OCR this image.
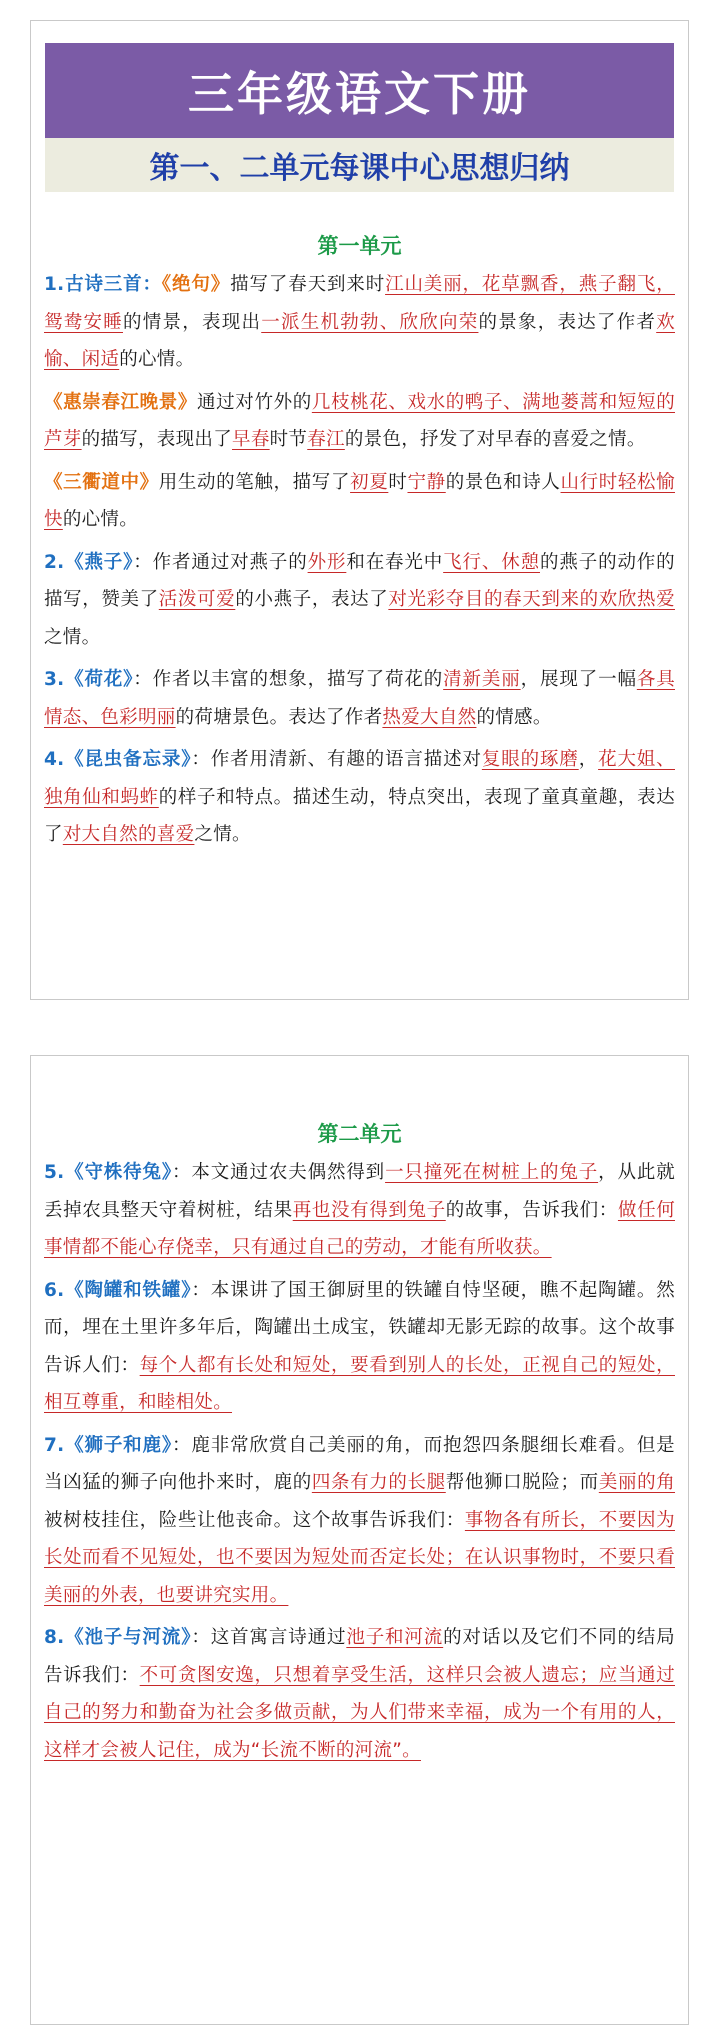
三年级语文下册
第一、二单元每课中心思想归纳
第一单元

1.古诗三首：《绝句》描写了春天到来时江山美丽，花草飘香，燕子翻飞，鸳鸯安睡的情景，表现出一派生机勃勃、欣欣向荣的景象，表达了作者欢愉、闲适的心情。

《惠崇春江晚景》通过对竹外的几枝桃花、戏水的鸭子、满地蒌蒿和短短的芦芽的描写，表现出了早春时节春江的景色，抒发了对早春的喜爱之情。

《三衢道中》用生动的笔触，描写了初夏时宁静的景色和诗人山行时轻松愉快的心情。

2.《燕子》：作者通过对燕子的外形和在春光中飞行、休憩的燕子的动作的描写，赞美了活泼可爱的小燕子，表达了对光彩夺目的春天到来的欢欣热爱之情。

3.《荷花》：作者以丰富的想象，描写了荷花的清新美丽，展现了一幅各具情态、色彩明丽的荷塘景色。表达了作者热爱大自然的情感。

4.《昆虫备忘录》：作者用清新、有趣的语言描述对复眼的琢磨，花大姐、独角仙和蚂蚱的样子和特点。描述生动，特点突出，表现了童真童趣，表达了对大自然的喜爱之情。

第二单元

5.《守株待兔》：本文通过农夫偶然得到一只撞死在树桩上的兔子，从此就丢掉农具整天守着树桩，结果再也没有得到兔子的故事，告诉我们：做任何事情都不能心存侥幸，只有通过自己的劳动，才能有所收获。

6.《陶罐和铁罐》：本课讲了国王御厨里的铁罐自恃坚硬，瞧不起陶罐。然而，埋在土里许多年后，陶罐出土成宝，铁罐却无影无踪的故事。这个故事告诉人们：每个人都有长处和短处，要看到别人的长处，正视自己的短处，相互尊重，和睦相处。

7.《狮子和鹿》：鹿非常欣赏自己美丽的角，而抱怨四条腿细长难看。但是当凶猛的狮子向他扑来时，鹿的四条有力的长腿帮他狮口脱险；而美丽的角被树枝挂住，险些让他丧命。这个故事告诉我们：事物各有所长，不要因为长处而看不见短处，也不要因为短处而否定长处；在认识事物时，不要只看美丽的外表，也要讲究实用。

8.《池子与河流》：这首寓言诗通过池子和河流的对话以及它们不同的结局告诉我们：不可贪图安逸，只想着享受生活，这样只会被人遗忘；应当通过自己的努力和勤奋为社会多做贡献，为人们带来幸福，成为一个有用的人，这样才会被人记住，成为“长流不断的河流”。
